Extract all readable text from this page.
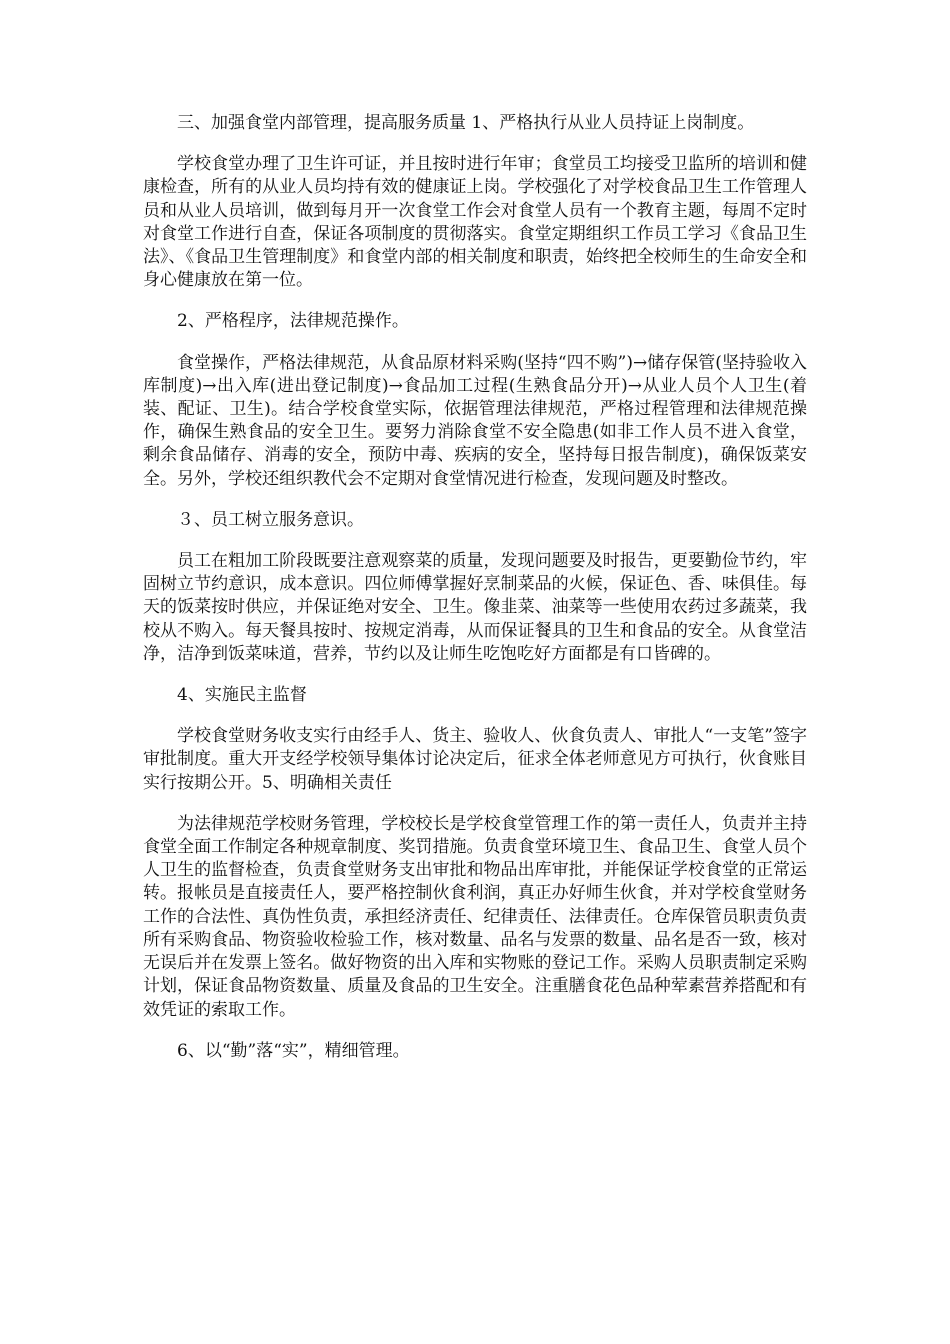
三、加强食堂内部管理，提高服务质量 1、严格执行从业人员持证上岗制度。

学校食堂办理了卫生许可证，并且按时进行年审；食堂员工均接受卫监所的培训和健康检查，所有的从业人员均持有效的健康证上岗。学校强化了对学校食品卫生工作管理人员和从业人员培训，做到每月开一次食堂工作会对食堂人员有一个教育主题，每周不定时对食堂工作进行自查，保证各项制度的贯彻落实。食堂定期组织工作员工学习《食品卫生法》、《食品卫生管理制度》和食堂内部的相关制度和职责，始终把全校师生的生命安全和身心健康放在第一位。

2、严格程序，法律规范操作。

食堂操作，严格法律规范，从食品原材料采购(坚持“四不购”)→储存保管(坚持验收入库制度)→出入库(进出登记制度)→食品加工过程(生熟食品分开)→从业人员个人卫生(着装、配证、卫生)。结合学校食堂实际，依据管理法律规范，严格过程管理和法律规范操作，确保生熟食品的安全卫生。要努力消除食堂不安全隐患(如非工作人员不进入食堂，剩余食品储存、消毒的安全，预防中毒、疾病的安全，坚持每日报告制度)，确保饭菜安全。另外，学校还组织教代会不定期对食堂情况进行检查，发现问题及时整改。

３、员工树立服务意识。

员工在粗加工阶段既要注意观察菜的质量，发现问题要及时报告，更要勤俭节约，牢固树立节约意识，成本意识。四位师傅掌握好烹制菜品的火候，保证色、香、味俱佳。每天的饭菜按时供应，并保证绝对安全、卫生。像韭菜、油菜等一些使用农药过多蔬菜，我校从不购入。每天餐具按时、按规定消毒，从而保证餐具的卫生和食品的安全。从食堂洁净，洁净到饭菜味道，营养，节约以及让师生吃饱吃好方面都是有口皆碑的。

4、实施民主监督

学校食堂财务收支实行由经手人、货主、验收人、伙食负责人、审批人“一支笔”签字审批制度。重大开支经学校领导集体讨论决定后，征求全体老师意见方可执行，伙食账目实行按期公开。5、明确相关责任

为法律规范学校财务管理，学校校长是学校食堂管理工作的第一责任人，负责并主持食堂全面工作制定各种规章制度、奖罚措施。负责食堂环境卫生、食品卫生、食堂人员个人卫生的监督检查，负责食堂财务支出审批和物品出库审批，并能保证学校食堂的正常运转。报帐员是直接责任人，要严格控制伙食利润，真正办好师生伙食，并对学校食堂财务工作的合法性、真伪性负责，承担经济责任、纪律责任、法律责任。仓库保管员职责负责所有采购食品、物资验收检验工作，核对数量、品名与发票的数量、品名是否一致，核对无误后并在发票上签名。做好物资的出入库和实物账的登记工作。采购人员职责制定采购计划，保证食品物资数量、质量及食品的卫生安全。注重膳食花色品种荤素营养搭配和有效凭证的索取工作。

6、以“勤”落“实”，精细管理。
